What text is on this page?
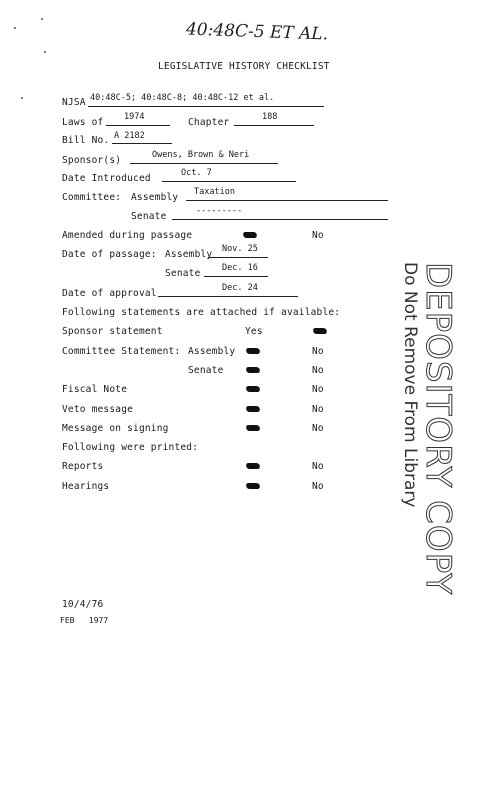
40:48C-5 ET AL.
LEGISLATIVE HISTORY CHECKLIST
NJSA 40:48C-5; 40:48C-8; 40:48C-12 et al.
Laws of 1974	Chapter	188
Bill No. A 2182
Sponsor(s)	Owens, Brown & Neri
Date Introduced	Oct. 7
Committee: Assembly Taxation
Senate	---------
Amended during passage	No
Date of passage: Assembly Nov. 25
Senate	Dec. 16
Date of approval	Dec. 24
Following statements are attached if available:
Sponsor statement	Yes
Committee Statement: Assembly	No
Senate	No
Fiscal Note	No
Veto message	No
Message on signing	No
Following were printed:
Reports	No
Hearings	No	DEPOSITORY COPY
Do Not Remove From Library
10/4/76
FEB   1977
